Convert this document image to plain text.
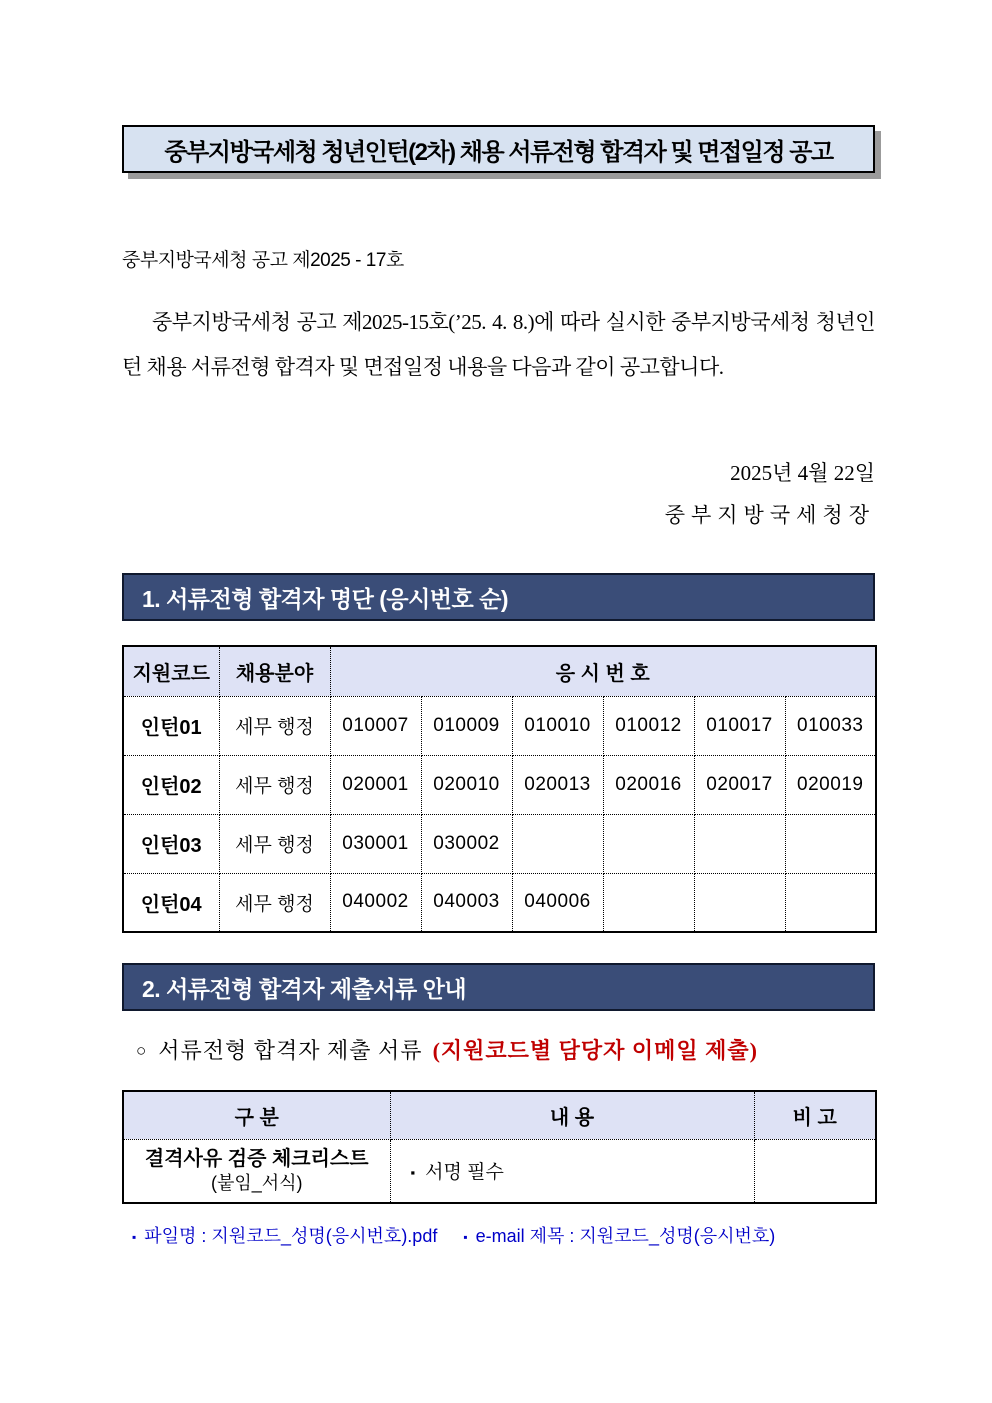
중부지방국세청 청년인턴(2차) 채용 서류전형 합격자 및 면접일정 공고
중부지방국세청 공고 제2025 - 17호

중부지방국세청 공고 제2025-15호(’25. 4. 8.)에 따라 실시한 중부지방국세청 청년인턴 채용 서류전형 합격자 및 면접일정 내용을 다음과 같이 공고합니다.

2025년 4월 22일
중부지방국세청장
1. 서류전형 합격자 명단 (응시번호 순)
지원코드	채용분야	응 시 번 호					
인턴01	세무 행정	010007	010009	010010	010012	010017	010033
인턴02	세무 행정	020001	020010	020013	020016	020017	020019
인턴03	세무 행정	030001	030002				
인턴04	세무 행정	040002	040003	040006			
2. 서류전형 합격자 제출서류 안내
○ 서류전형 합격자 제출 서류 (지원코드별 담당자 이메일 제출)
구 분	내 용	비 고

결격사유 검증 체크리스트
(붙임_서식)	▪ 서명 필수	
▪ 파일명 : 지원코드_성명(응시번호).pdf ▪ e-mail 제목 : 지원코드_성명(응시번호)
